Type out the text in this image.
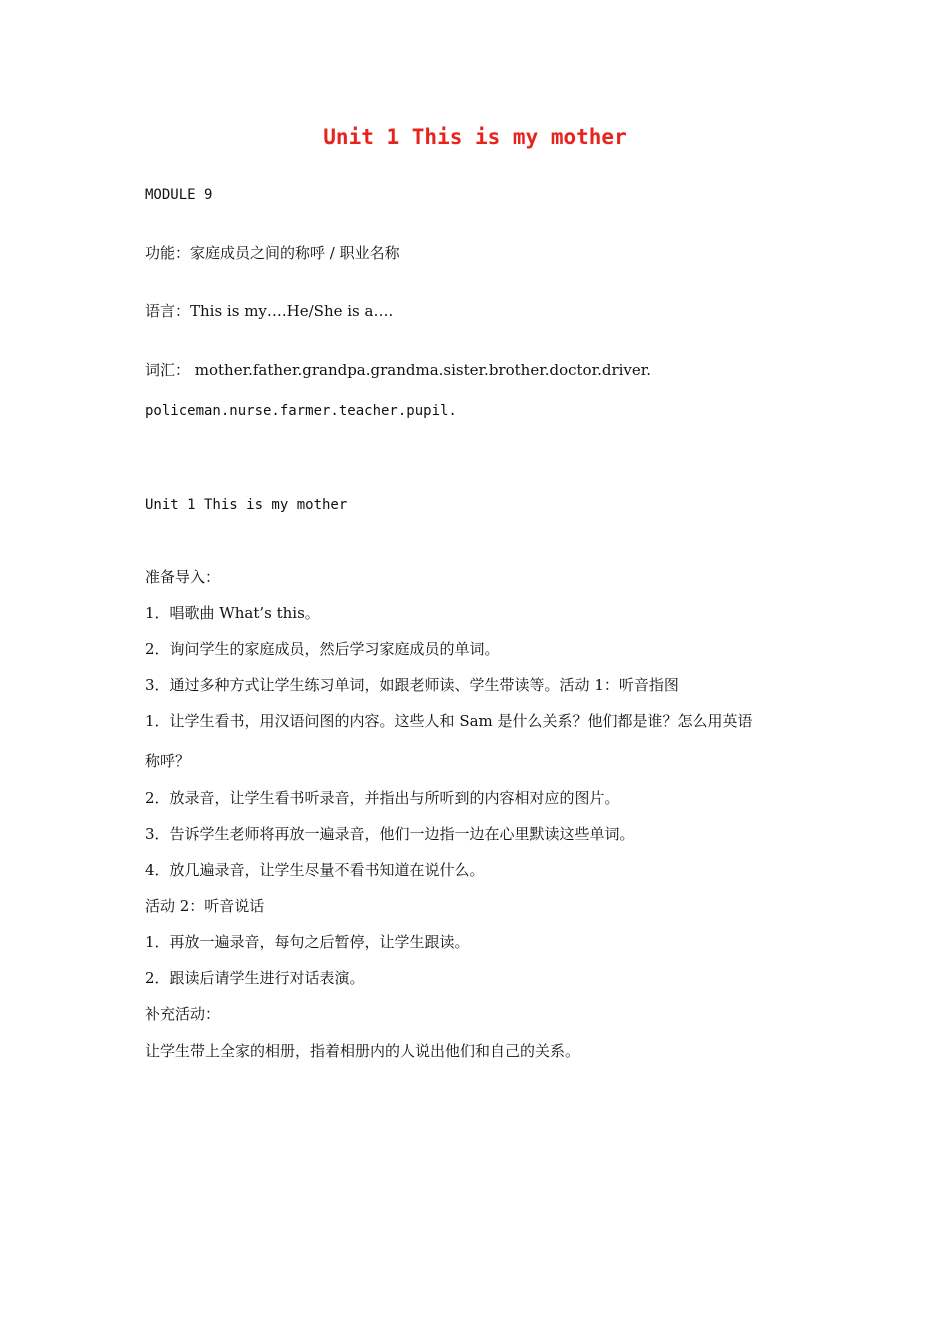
Unit 1 This is my mother
MODULE 9
功能：家庭成员之间的称呼 / 职业名称
语言：This is my….He/She is a….
词汇： mother.father.grandpa.grandma.sister.brother.doctor.driver.
policeman.nurse.farmer.teacher.pupil.
Unit 1 This is my mother
准备导入：
1．唱歌曲 What’s this。
2．询问学生的家庭成员，然后学习家庭成员的单词。
3．通过多种方式让学生练习单词，如跟老师读、学生带读等。活动 1：听音指图
1．让学生看书，用汉语问图的内容。这些人和 Sam 是什么关系？他们都是谁？怎么用英语
称呼？
2．放录音，让学生看书听录音，并指出与所听到的内容相对应的图片。
3．告诉学生老师将再放一遍录音，他们一边指一边在心里默读这些单词。
4．放几遍录音，让学生尽量不看书知道在说什么。
活动 2：听音说话
1．再放一遍录音，每句之后暂停，让学生跟读。
2．跟读后请学生进行对话表演。
补充活动：
让学生带上全家的相册，指着相册内的人说出他们和自己的关系。
